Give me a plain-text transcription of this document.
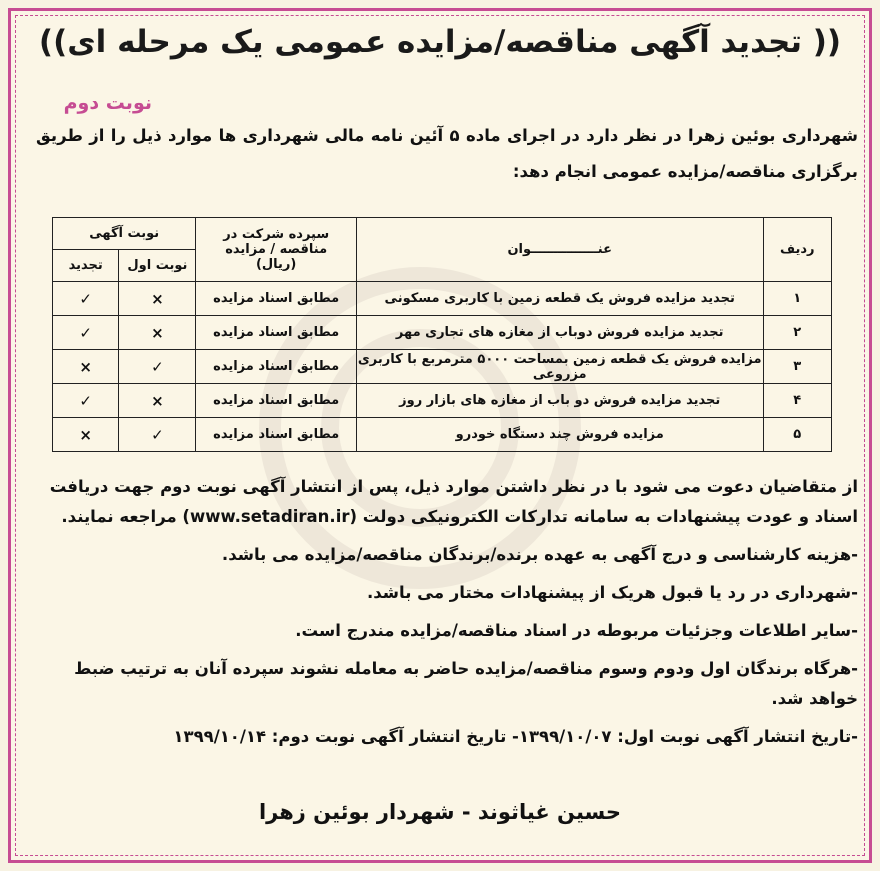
(( تجدید آگهی مناقصه/مزایده عمومی یک مرحله ای))
نوبت دوم
شهرداری بوئین زهرا در نظر دارد در اجرای ماده ۵ آئین نامه مالی شهرداری ها موارد ذیل را از طریق برگزاری مناقصه/مزایده عمومی انجام دهد:
ردیف	عنـــــــــــــــوان	سپرده شرکت در مناقصه / مزایده (ریال)	نوبت آگهی	
			نوبت اول	تجدید
۱	تجدید مزایده فروش یک قطعه زمین با کاربری مسکونی	مطابق اسناد مزایده	×	✓
۲	تجدید مزایده فروش دوباب از مغازه های تجاری مهر	مطابق اسناد مزایده	×	✓
۳	مزایده فروش یک قطعه زمین بمساحت ۵۰۰۰ مترمربع با کاربری مزروعی	مطابق اسناد مزایده	✓	×
۴	تجدید مزایده فروش دو باب از مغازه های بازار روز	مطابق اسناد مزایده	×	✓
۵	مزایده فروش چند دستگاه خودرو	مطابق اسناد مزایده	✓	×

از متقاضیان دعوت می شود با در نظر داشتن موارد ذیل، پس از انتشار آگهی نوبت دوم جهت دریافت اسناد و عودت پیشنهادات به سامانه تدارکات الکترونیکی دولت (www.setadiran.ir) مراجعه نمایند.

-هزینه کارشناسی و درج آگهی به عهده برنده/برندگان مناقصه/مزایده می باشد.

-شهرداری در رد یا قبول هریک از پیشنهادات مختار می باشد.

-سایر اطلاعات وجزئیات مربوطه در اسناد مناقصه/مزایده مندرج است.

-هرگاه برندگان اول ودوم وسوم مناقصه/مزایده حاضر به معامله نشوند سپرده آنان به ترتیب ضبط خواهد شد.

-تاریخ انتشار آگهی نوبت اول: ۱۳۹۹/۱۰/۰۷- تاریخ انتشار آگهی نوبت دوم: ۱۳۹۹/۱۰/۱۴

حسین غیاثوند - شهردار بوئین زهرا
